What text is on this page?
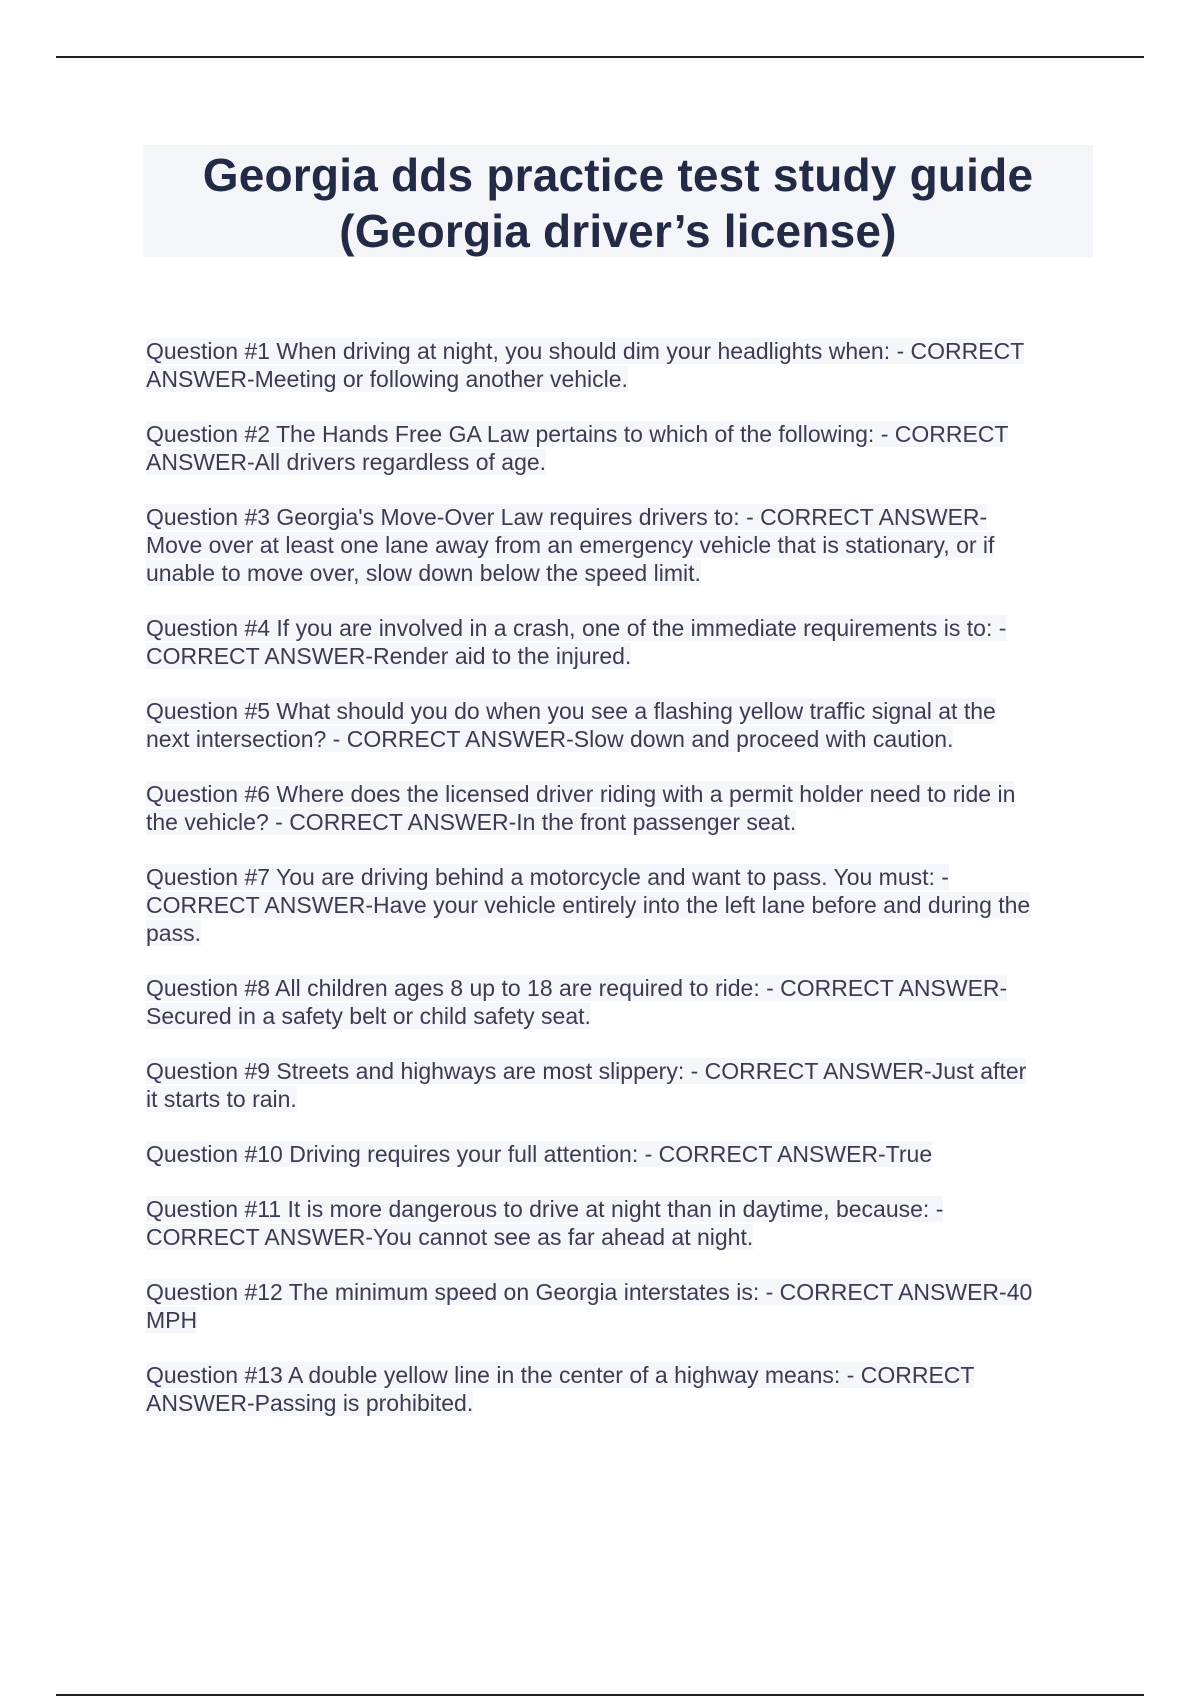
Georgia dds practice test study guide
(Georgia driver’s license)
Question #1 When driving at night, you should dim your headlights when: - CORRECT
ANSWER-Meeting or following another vehicle.
Question #2 The Hands Free GA Law pertains to which of the following: - CORRECT
ANSWER-All drivers regardless of age.
Question #3 Georgia's Move-Over Law requires drivers to: - CORRECT ANSWER-
Move over at least one lane away from an emergency vehicle that is stationary, or if
unable to move over, slow down below the speed limit.
Question #4 If you are involved in a crash, one of the immediate requirements is to: -
CORRECT ANSWER-Render aid to the injured.
Question #5 What should you do when you see a flashing yellow traffic signal at the
next intersection? - CORRECT ANSWER-Slow down and proceed with caution.
Question #6 Where does the licensed driver riding with a permit holder need to ride in
the vehicle? - CORRECT ANSWER-In the front passenger seat.
Question #7 You are driving behind a motorcycle and want to pass. You must: -
CORRECT ANSWER-Have your vehicle entirely into the left lane before and during the
pass.
Question #8 All children ages 8 up to 18 are required to ride: - CORRECT ANSWER-
Secured in a safety belt or child safety seat.
Question #9 Streets and highways are most slippery: - CORRECT ANSWER-Just after
it starts to rain.
Question #10 Driving requires your full attention: - CORRECT ANSWER-True
Question #11 It is more dangerous to drive at night than in daytime, because: -
CORRECT ANSWER-You cannot see as far ahead at night.
Question #12 The minimum speed on Georgia interstates is: - CORRECT ANSWER-40
MPH
Question #13 A double yellow line in the center of a highway means: - CORRECT
ANSWER-Passing is prohibited.
